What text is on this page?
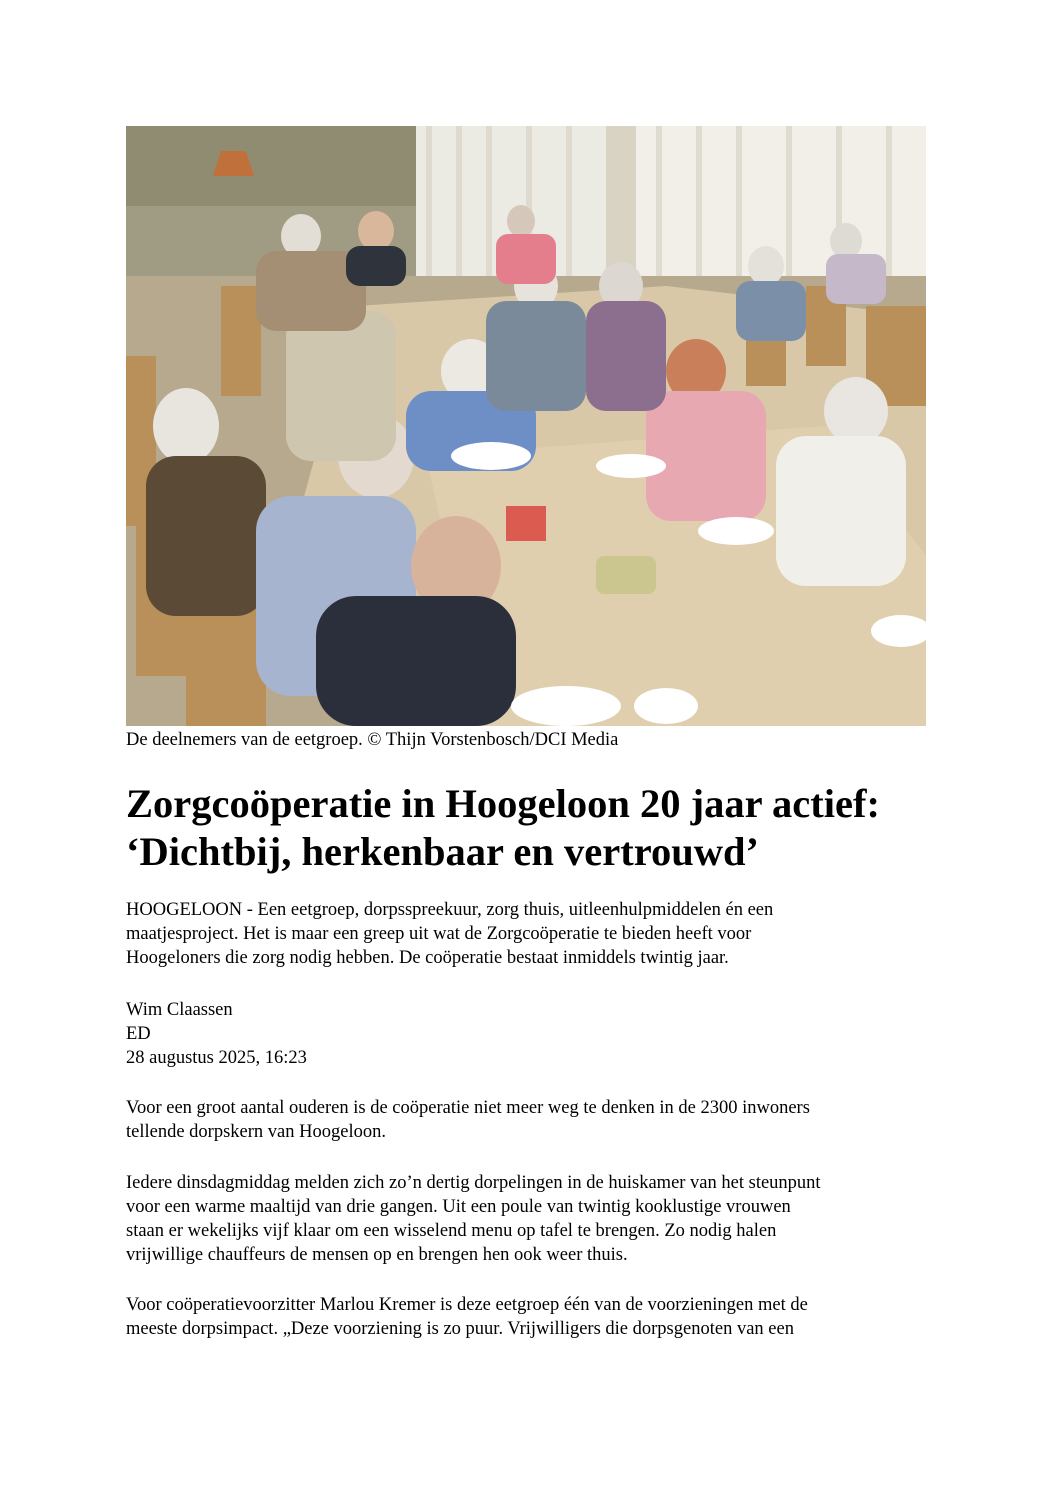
De deelnemers van de eetgroep. © Thijn Vorstenbosch/DCI Media
Zorgcoöperatie in Hoogeloon 20 jaar actief:
‘Dichtbij, herkenbaar en vertrouwd’

HOOGELOON - Een eetgroep, dorpsspreekuur, zorg thuis, uitleenhulpmiddelen én een
maatjesproject. Het is maar een greep uit wat de Zorgcoöperatie te bieden heeft voor
Hoogeloners die zorg nodig hebben. De coöperatie bestaat inmiddels twintig jaar.

Wim Claassen
ED
28 augustus 2025, 16:23

Voor een groot aantal ouderen is de coöperatie niet meer weg te denken in de 2300 inwoners
tellende dorpskern van Hoogeloon.

Iedere dinsdagmiddag melden zich zo’n dertig dorpelingen in de huiskamer van het steunpunt
voor een warme maaltijd van drie gangen. Uit een poule van twintig kooklustige vrouwen
staan er wekelijks vijf klaar om een wisselend menu op tafel te brengen. Zo nodig halen
vrijwillige chauffeurs de mensen op en brengen hen ook weer thuis.

Voor coöperatievoorzitter Marlou Kremer is deze eetgroep één van de voorzieningen met de
meeste dorpsimpact. „Deze voorziening is zo puur. Vrijwilligers die dorpsgenoten van een
